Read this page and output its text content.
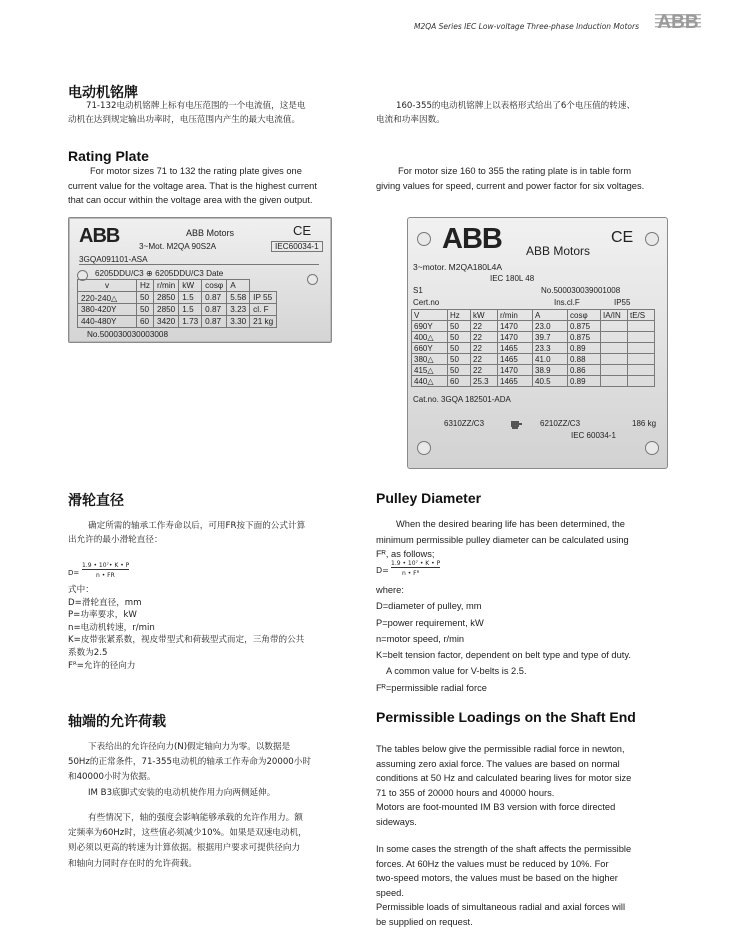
M2QA Series IEC Low-voltage Three-phase Induction Motors ABB
电动机铭牌
71-132电动机铭牌上标有电压范围的一个电流值，这是电
动机在达到规定输出功率时，电压范围内产生的最大电流值。
160-355的电动机铭牌上以表格形式给出了6个电压值的转速、
电流和功率因数。
Rating Plate
For motor sizes 71 to 132 the rating plate gives one
current value for the voltage area. That is the highest current
that can occur within the voltage area with the given output.
For motor size 160 to 355 the rating plate is in table form
giving values for speed, current and power factor for six voltages.
ABB	ABB Motors	CE
3~Mot. M2QA 90S2A	IEC60034-1
3GQA091101-ASA
6205DDU/C3 ⊕ 6205DDU/C3 Date
v	Hz	r/min	kW	cosφ	A	
220-240△	50	2850	1.5	0.87	5.58	IP 55
380-420Y	50	2850	1.5	0.87	3.23	cl. F
440-480Y	60	3420	1.73	0.87	3.30	21 kg
No.500030030003008
ABB ABB Motors
CE
3~motor. M2QA180L4A
IEC 180L 48
S1	No.500030039001008
Cert.no	Ins.cl.F	IP55
V	Hz	kW	r/min	A	cosφ	IA/IN	tE/S
690Y	50	22	1470	23.0	0.875		
400△	50	22	1470	39.7	0.875		
660Y	50	22	1465	23.3	0.89		
380△	50	22	1465	41.0	0.88		
415△	50	22	1470	38.9	0.86		
440△	60	25.3	1465	40.5	0.89		
Cat.no. 3GQA 182501-ADA
6310ZZ/C3	6210ZZ/C3	186 kg
IEC 60034-1
滑轮直径
确定所需的轴承工作寿命以后，可用FR按下面的公式计算
出允许的最小滑轮直径：
D=
1.9 • 10⁷• K • P
n • FR
式中：
D=滑轮直径，mm
P=功率要求，kW
n=电动机转速，r/min
K=皮带张紧系数，视皮带型式和荷载型式而定，三角带的公共
系数为2.5
Fᴿ=允许的径向力
Pulley Diameter
When the desired bearing life has been determined, the
minimum permissible pulley diameter can be calculated using
Fᴿ, as follows;
D=
1.9 • 10⁷ • K • P
n • Fᴿ
where:
D=diameter of pulley, mm
P=power requirement, kW
n=motor speed, r/min
K=belt tension factor, dependent on belt type and type of duty.
A common value for V-belts is 2.5.
Fᴿ=permissible radial force
轴端的允许荷载
下表给出的允许径向力(N)假定轴向力为零。以数据是
50Hz的正常条件，71-355电动机的轴承工作寿命为20000小时
和40000小时为依据。
IM B3底脚式安装的电动机使作用力向两侧延伸。
有些情况下，轴的强度会影响能够承载的允许作用力。额
定频率为60Hz时，这些值必须减少10%。如果是双速电动机，
则必须以更高的转速为计算依据。根据用户要求可提供径向力
和轴向力同时存在时的允许荷载。
Permissible Loadings on the Shaft End
The tables below give the permissible radial force in newton,
assuming zero axial force. The values are based on normal
conditions at 50 Hz and calculated bearing lives for motor size
71 to 355 of 20000 hours and 40000 hours.
Motors are foot-mounted IM B3 version with force directed
sideways.
In some cases the strength of the shaft affects the permissible
forces. At 60Hz the values must be reduced by 10%. For
two-speed motors, the values must be based on the higher
speed.
Permissible loads of simultaneous radial and axial forces will
be supplied on request.
